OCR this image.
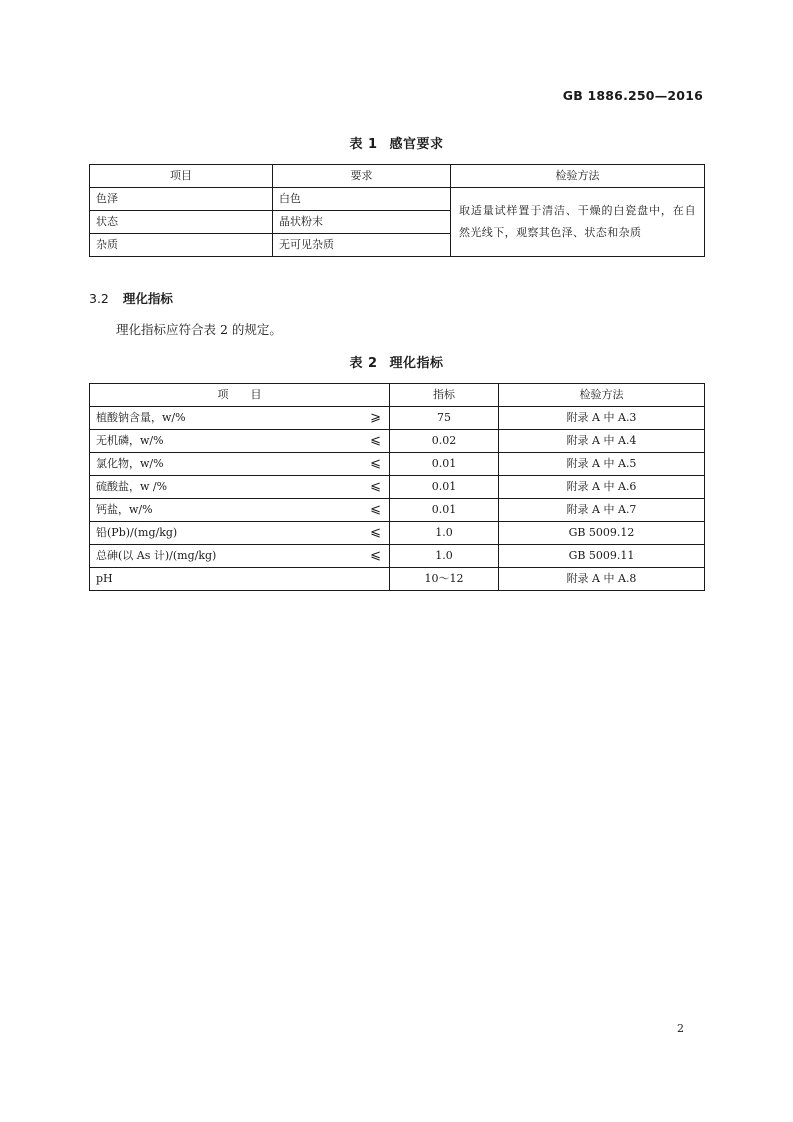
GB 1886.250—2016
表 1 感官要求
项目	要求	检验方法
色泽	白色	取适量试样置于清洁、干燥的白瓷盘中，在自然光线下，观察其色泽、状态和杂质
状态	晶状粉末	
杂质	无可见杂质	
3.2 理化指标
理化指标应符合表 2 的规定。
表 2 理化指标
项　　目	指标	检验方法
植酸钠含量，w/% ⩾	75	附录 A 中 A.3
无机磷，w/% ⩽	0.02	附录 A 中 A.4
氯化物，w/% ⩽	0.01	附录 A 中 A.5
硫酸盐，w /% ⩽	0.01	附录 A 中 A.6
钙盐，w/% ⩽	0.01	附录 A 中 A.7
铅(Pb)/(mg/kg) ⩽	1.0	GB 5009.12
总砷(以 As 计)/(mg/kg) ⩽	1.0	GB 5009.11
pH	10～12	附录 A 中 A.8
2
